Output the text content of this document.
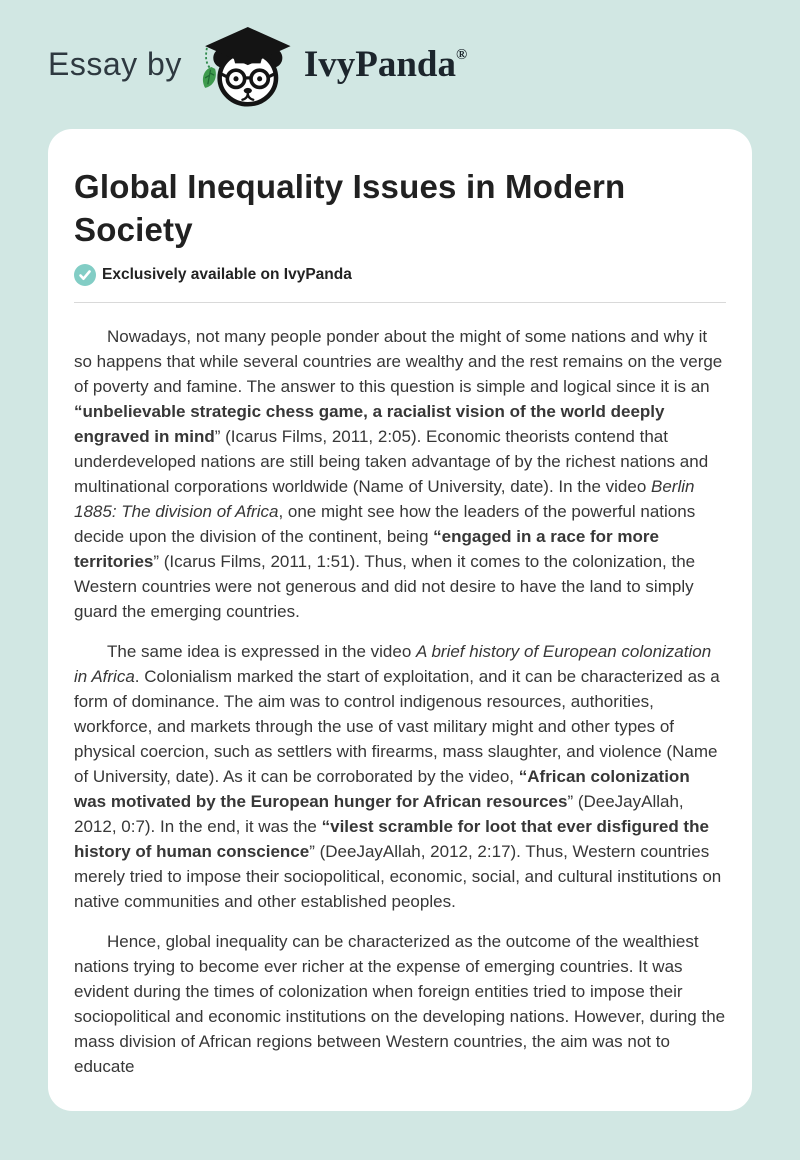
Essay by	IvyPanda®
Global Inequality Issues in Modern Society
Exclusively available on IvyPanda

Nowadays, not many people ponder about the might of some nations and why it so happens that while several countries are wealthy and the rest remains on the verge of poverty and famine. The answer to this question is simple and logical since it is an “unbelievable strategic chess game, a racialist vision of the world deeply engraved in mind” (Icarus Films, 2011, 2:05). Economic theorists contend that underdeveloped nations are still being taken advantage of by the richest nations and multinational corporations worldwide (Name of University, date). In the video Berlin 1885: The division of Africa, one might see how the leaders of the powerful nations decide upon the division of the continent, being “engaged in a race for more territories” (Icarus Films, 2011, 1:51). Thus, when it comes to the colonization, the Western countries were not generous and did not desire to have the land to simply guard the emerging countries.

The same idea is expressed in the video A brief history of European colonization in Africa. Colonialism marked the start of exploitation, and it can be characterized as a form of dominance. The aim was to control indigenous resources, authorities, workforce, and markets through the use of vast military might and other types of physical coercion, such as settlers with firearms, mass slaughter, and violence (Name of University, date). As it can be corroborated by the video, “African colonization was motivated by the European hunger for African resources” (DeeJayAllah, 2012, 0:7). In the end, it was the “vilest scramble for loot that ever disfigured the history of human conscience” (DeeJayAllah, 2012, 2:17). Thus, Western countries merely tried to impose their sociopolitical, economic, social, and cultural institutions on native communities and other established peoples.

Hence, global inequality can be characterized as the outcome of the wealthiest nations trying to become ever richer at the expense of emerging countries. It was evident during the times of colonization when foreign entities tried to impose their sociopolitical and economic institutions on the developing nations. However, during the mass division of African regions between Western countries, the aim was not to educate
